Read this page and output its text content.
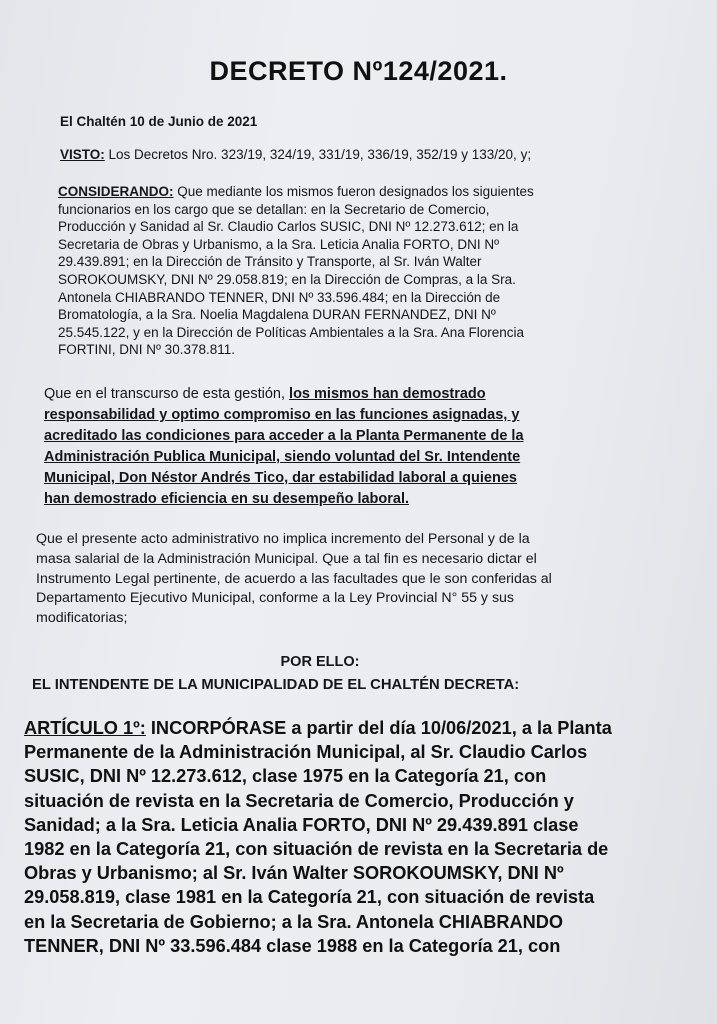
DECRETO Nº124/2021.
El Chaltén 10 de Junio de 2021
VISTO: Los Decretos Nro. 323/19, 324/19, 331/19, 336/19, 352/19 y 133/20, y;
CONSIDERANDO: Que mediante los mismos fueron designados los siguientes
funcionarios en los cargo que se detallan: en la Secretario de Comercio,
Producción y Sanidad al Sr. Claudio Carlos SUSIC, DNI Nº 12.273.612; en la
Secretaria de Obras y Urbanismo, a la Sra. Leticia Analia FORTO, DNI Nº
29.439.891; en la Dirección de Tránsito y Transporte, al Sr. Iván Walter
SOROKOUMSKY, DNI Nº 29.058.819; en la Dirección de Compras, a la Sra.
Antonela CHIABRANDO TENNER, DNI Nº 33.596.484; en la Dirección de
Bromatología, a la Sra. Noelia Magdalena DURAN FERNANDEZ, DNI Nº
25.545.122, y en la Dirección de Políticas Ambientales a la Sra. Ana Florencia
FORTINI, DNI Nº 30.378.811.
Que en el transcurso de esta gestión, los mismos han demostrado
responsabilidad y optimo compromiso en las funciones asignadas, y
acreditado las condiciones para acceder a la Planta Permanente de la
Administración Publica Municipal, siendo voluntad del Sr. Intendente
Municipal, Don Néstor Andrés Tico, dar estabilidad laboral a quienes
han demostrado eficiencia en su desempeño laboral.
Que el presente acto administrativo no implica incremento del Personal y de la
masa salarial de la Administración Municipal. Que a tal fin es necesario dictar el
Instrumento Legal pertinente, de acuerdo a las facultades que le son conferidas al
Departamento Ejecutivo Municipal, conforme a la Ley Provincial N° 55 y sus
modificatorias;
POR ELLO:
EL INTENDENTE DE LA MUNICIPALIDAD DE EL CHALTÉN DECRETA:
ARTÍCULO 1º: INCORPÓRASE a partir del día 10/06/2021, a la Planta
Permanente de la Administración Municipal, al Sr. Claudio Carlos
SUSIC, DNI Nº 12.273.612, clase 1975 en la Categoría 21, con
situación de revista en la Secretaria de Comercio, Producción y
Sanidad; a la Sra. Leticia Analia FORTO, DNI Nº 29.439.891 clase
1982 en la Categoría 21, con situación de revista en la Secretaria de
Obras y Urbanismo; al Sr. Iván Walter SOROKOUMSKY, DNI Nº
29.058.819, clase 1981 en la Categoría 21, con situación de revista
en la Secretaria de Gobierno; a la Sra. Antonela CHIABRANDO
TENNER, DNI Nº 33.596.484 clase 1988 en la Categoría 21, con
